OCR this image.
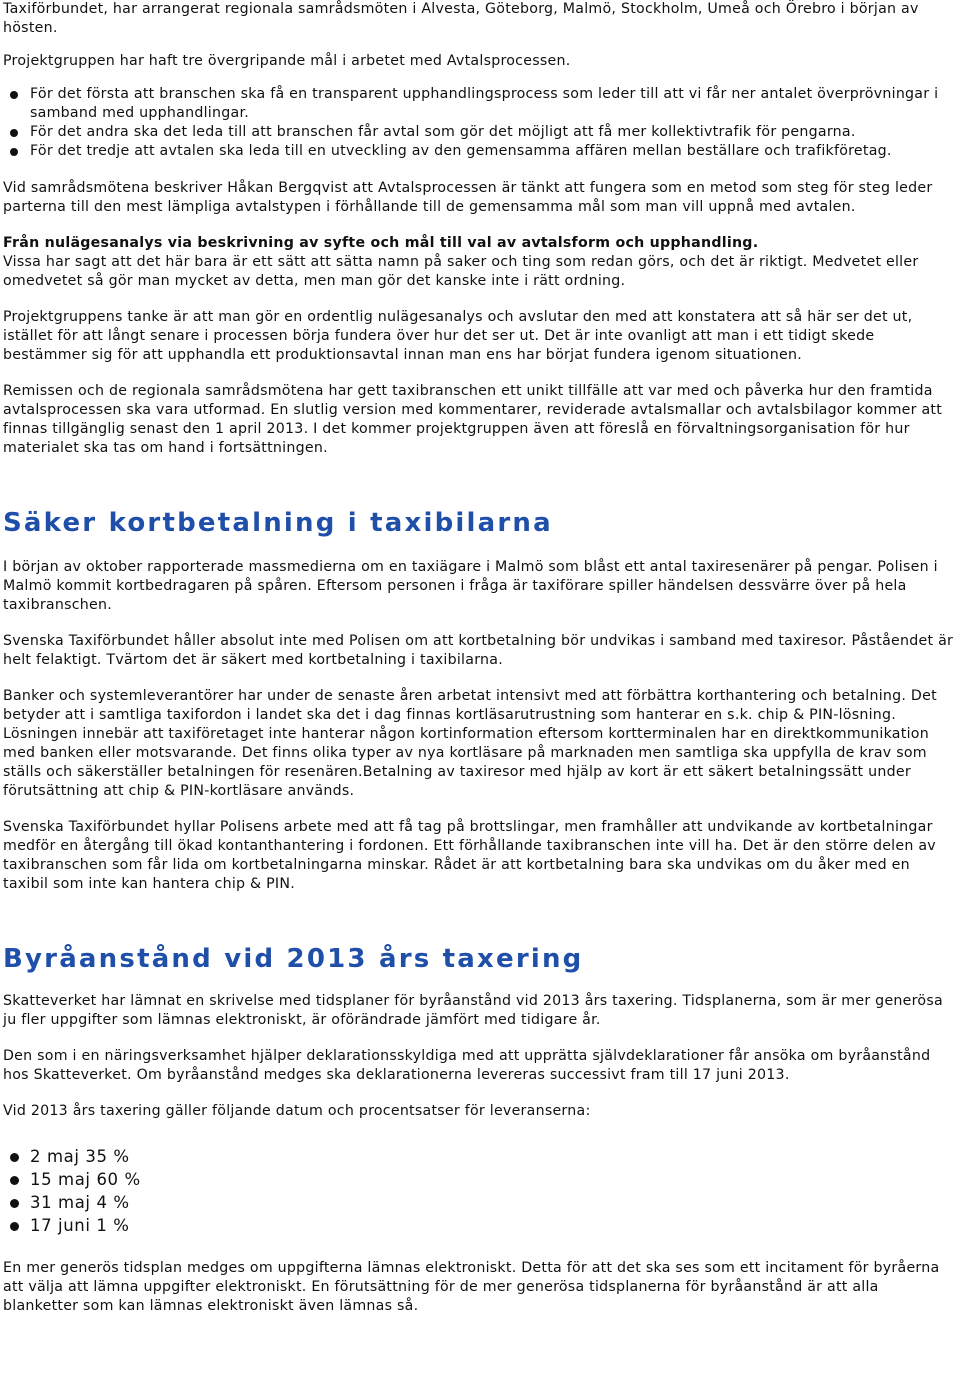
Taxiförbundet, har arrangerat regionala samrådsmöten i Alvesta, Göteborg, Malmö, Stockholm, Umeå och Örebro i början av hösten.

Projektgruppen har haft tre övergripande mål i arbetet med Avtalsprocessen.

För det första att branschen ska få en transparent upphandlingsprocess som leder till att vi får ner antalet överprövningar i samband med upphandlingar.
För det andra ska det leda till att branschen får avtal som gör det möjligt att få mer kollektivtrafik för pengarna.
För det tredje att avtalen ska leda till en utveckling av den gemensamma affären mellan beställare och trafikföretag.

Vid samrådsmötena beskriver Håkan Bergqvist att Avtalsprocessen är tänkt att fungera som en metod som steg för steg leder parterna till den mest lämpliga avtalstypen i förhållande till de gemensamma mål som man vill uppnå med avtalen.

Från nulägesanalys via beskrivning av syfte och mål till val av avtalsform och upphandling.

Vissa har sagt att det här bara är ett sätt att sätta namn på saker och ting som redan görs, och det är riktigt. Medvetet eller omedvetet så gör man mycket av detta, men man gör det kanske inte i rätt ordning.

Projektgruppens tanke är att man gör en ordentlig nulägesanalys och avslutar den med att konstatera att så här ser det ut, istället för att långt senare i processen börja fundera över hur det ser ut. Det är inte ovanligt att man i ett tidigt skede bestämmer sig för att upphandla ett produktionsavtal innan man ens har börjat fundera igenom situationen.

Remissen och de regionala samrådsmötena har gett taxibranschen ett unikt tillfälle att var med och påverka hur den framtida avtalsprocessen ska vara utformad. En slutlig version med kommentarer, reviderade avtalsmallar och avtalsbilagor kommer att finnas tillgänglig senast den 1 april 2013. I det kommer projektgruppen även att föreslå en förvaltningsorganisation för hur materialet ska tas om hand i fortsättningen.

Säker kortbetalning i taxibilarna

I början av oktober rapporterade massmedierna om en taxiägare i Malmö som blåst ett antal taxiresenärer på pengar. Polisen i Malmö kommit kortbedragaren på spåren. Eftersom personen i fråga är taxiförare spiller händelsen dessvärre över på hela taxibranschen.

Svenska Taxiförbundet håller absolut inte med Polisen om att kortbetalning bör undvikas i samband med taxiresor. Påståendet är helt felaktigt. Tvärtom det är säkert med kortbetalning i taxibilarna.

Banker och systemleverantörer har under de senaste åren arbetat intensivt med att förbättra korthantering och betalning. Det betyder att i samtliga taxifordon i landet ska det i dag finnas kortläsarutrustning som hanterar en s.k. chip & PIN-lösning. Lösningen innebär att taxiföretaget inte hanterar någon kortinformation eftersom kortterminalen har en direktkommunikation med banken eller motsvarande. Det finns olika typer av nya kortläsare på marknaden men samtliga ska uppfylla de krav som ställs och säkerställer betalningen för resenären.Betalning av taxiresor med hjälp av kort är ett säkert betalningssätt under förutsättning att chip & PIN-kortläsare används.

Svenska Taxiförbundet hyllar Polisens arbete med att få tag på brottslingar, men framhåller att undvikande av kortbetalningar medför en återgång till ökad kontanthantering i fordonen. Ett förhållande taxibranschen inte vill ha. Det är den större delen av taxibranschen som får lida om kortbetalningarna minskar. Rådet är att kortbetalning bara ska undvikas om du åker med en taxibil som inte kan hantera chip & PIN.

Byråanstånd vid 2013 års taxering

Skatteverket har lämnat en skrivelse med tidsplaner för byråanstånd vid 2013 års taxering. Tidsplanerna, som är mer generösa ju fler uppgifter som lämnas elektroniskt, är oförändrade jämfört med tidigare år.

Den som i en näringsverksamhet hjälper deklarationsskyldiga med att upprätta självdeklarationer får ansöka om byråanstånd hos Skatteverket. Om byråanstånd medges ska deklarationerna levereras successivt fram till 17 juni 2013.

Vid 2013 års taxering gäller följande datum och procentsatser för leveranserna:

2 maj 35 %
15 maj 60 %
31 maj 4 %
17 juni 1 %

En mer generös tidsplan medges om uppgifterna lämnas elektroniskt. Detta för att det ska ses som ett incitament för byråerna att välja att lämna uppgifter elektroniskt. En förutsättning för de mer generösa tidsplanerna för byråanstånd är att alla blanketter som kan lämnas elektroniskt även lämnas så.
